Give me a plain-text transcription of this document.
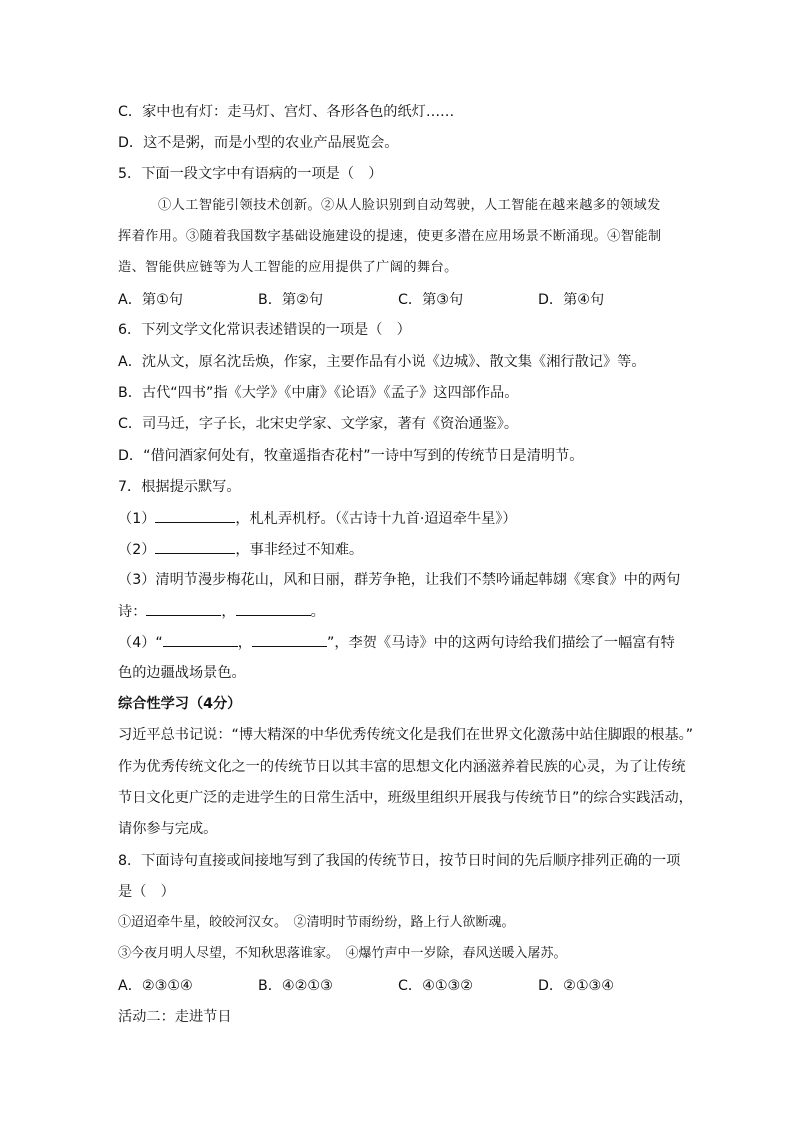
C．家中也有灯：走马灯、宫灯、各形各色的纸灯……
D．这不是粥，而是小型的农业产品展览会。
5．下面一段文字中有语病的一项是（　）
①人工智能引领技术创新。②从人脸识别到自动驾驶，人工智能在越来越多的领域发
挥着作用。③随着我国数字基础设施建设的提速，使更多潜在应用场景不断涌现。④智能制
造、智能供应链等为人工智能的应用提供了广阔的舞台。
A．第①句	B．第②句	C．第③句	D．第④句
6．下列文学文化常识表述错误的一项是（　）
A．沈从文，原名沈岳焕，作家，主要作品有小说《边城》、散文集《湘行散记》等。
B．古代“四书”指《大学》《中庸》《论语》《孟子》这四部作品。
C．司马迁，字子长，北宋史学家、文学家，著有《资治通鉴》。
D．“借问酒家何处有，牧童遥指杏花村”一诗中写到的传统节日是清明节。
7．根据提示默写。
（1）	，札札弄机杼。（《古诗十九首·迢迢牵牛星》）
（2）	，事非经过不知难。
（3）清明节漫步梅花山，风和日丽，群芳争艳，让我们不禁吟诵起韩翃《寒食》中的两句
诗：	，	。
（4）“	，	”，李贺《马诗》中的这两句诗给我们描绘了一幅富有特
色的边疆战场景色。
综合性学习（4分）
习近平总书记说：“博大精深的中华优秀传统文化是我们在世界文化激荡中站住脚跟的根基。”
作为优秀传统文化之一的传统节日以其丰富的思想文化内涵滋养着民族的心灵，为了让传统
节日文化更广泛的走进学生的日常生活中，班级里组织开展我与传统节日”的综合实践活动，
请你参与完成。
8．下面诗句直接或间接地写到了我国的传统节日，按节日时间的先后顺序排列正确的一项
是（　）
①迢迢牵牛星，皎皎河汉女。　②清明时节雨纷纷，路上行人欲断魂。
③今夜月明人尽望，不知秋思落谁家。　④爆竹声中一岁除，春风送暖入屠苏。
A．②③①④	B．④②①③	C．④①③②	D．②①③④
活动二：走进节日
